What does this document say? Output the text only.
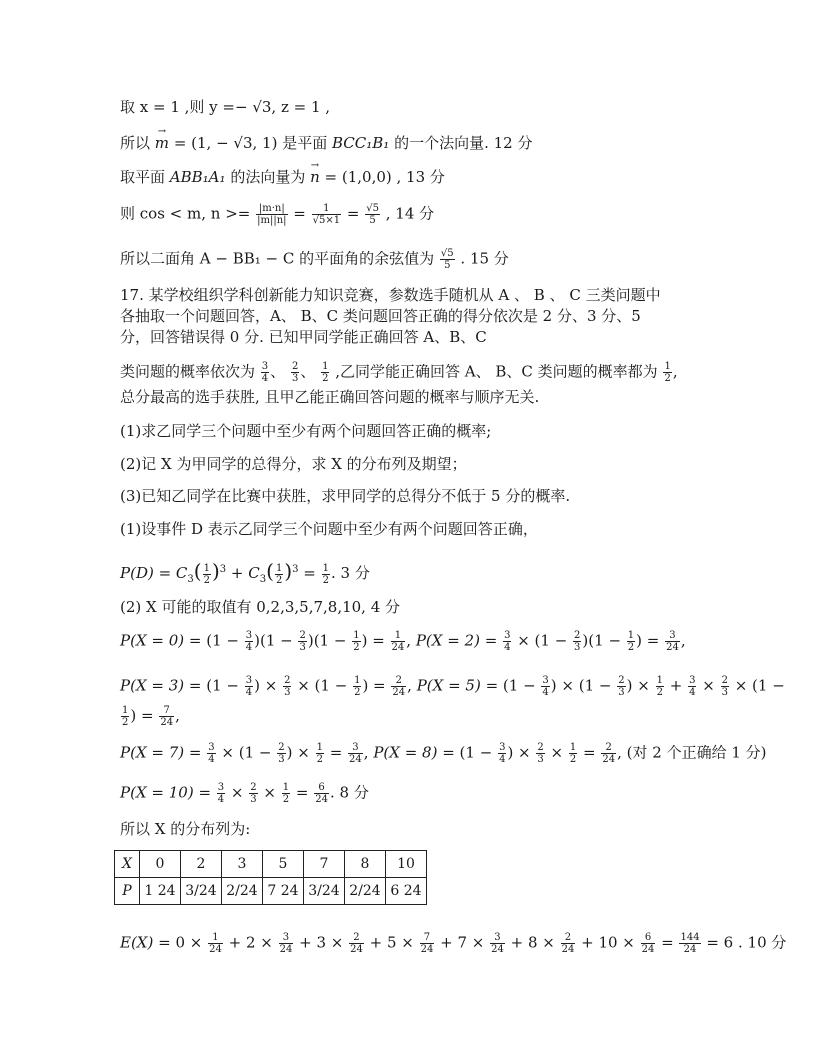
取 x = 1 ,则 y =− √3, z = 1 ,
所以 → m = (1, − √3, 1) 是平面 BCC₁B₁ 的一个法向量. 12 分
取平面 ABB₁A₁ 的法向量为 → n = (1,0,0) , 13 分
则 cos < m, $n >= \frac{|m\cdot n|}{|m||n|} = \frac{1}{√5\times 1} = \frac{√5}{5}$ , 14 分
所以二面角 A − BB₁ − C 的平面角的余弦值为 $\frac{√5}{5}$ . 15 分
17. 某学校组织学科创新能力知识竞赛，参数选手随机从 A 、 B 、 C 三类问题中
各抽取一个问题回答，A、 B、C 类问题回答正确的得分依次是 2 分、3 分、5
分，回答错误得 0 分. 已知甲同学能正确回答 A、B、C
类问题的概率依次为 $\frac{3}{4}$ 、 $\frac{2}{3}$ 、 $\frac{1}{2}$ ,乙同学能正确回答 A、 B、C 类问题的概率都为 $\frac{1}{2}$ ,
总分最高的选手获胜, 且甲乙能正确回答问题的概率与顺序无关.
(1)求乙同学三个问题中至少有两个问题回答正确的概率;
(2)记 X 为甲同学的总得分，求 X 的分布列及期望；
(3)已知乙同学在比赛中获胜，求甲同学的总得分不低于 5 分的概率.
(1)设事件 D 表示乙同学三个问题中至少有两个问题回答正确，
$P(D) = C_3( \frac{1}{2} )^3 + C_3( \frac{1}{2} )^3 = \frac{1}{2}$ . 3 分
(2) X 可能的取值有 0,2,3,5,7,8,10, 4 分
$P(X = 0) = (1 - \frac{3}{4} )(1 - \frac{2}{3} )(1 - \frac{1}{2}$ ) = $\frac{1}{24}$ , $P(X = 2) = \frac{3}{4} \times (1 - \frac{2}{3} )(1 - \frac{1}{2}$ ) = $\frac{3}{24}$ ,
$P(X = 3) = (1 - \frac{3}{4}$ ) × $\frac{2}{3} \times (1 - \frac{1}{2}$ ) = $\frac{2}{24}$ , $P(X = 5) = (1 - \frac{3}{4}$ ) × ($1 - \frac{2}{3}$ ) × $\frac{1}{2} + \frac{3}{4} \times \frac{2}{3} \times (1$ −
$\frac{1}{2}$ ) = $\frac{7}{24}$ ,
$P(X = 7) = \frac{3}{4} \times (1 - \frac{2}{3}$ ) × $\frac{1}{2} = \frac{3}{24}$ , $P(X = 8) = (1 - \frac{3}{4}$ ) × $\frac{2}{3} \times \frac{1}{2} = \frac{2}{24}$ , (对 2 个正确给 1 分)
$P(X = 10) = \frac{3}{4} \times \frac{2}{3} \times \frac{1}{2} = \frac{6}{24}$ . 8 分
所以 X 的分布列为:
X	0	2	3	5	7	8	10
P	1 24	3/24	2/24	7 24	3/24	2/24	6 24
$E(X) = 0 \times \frac{1}{24} + 2 \times \frac{3}{24} + 3 \times \frac{2}{24} + 5 \times \frac{7}{24} + 7 \times \frac{3}{24} + 8 \times \frac{2}{24} + 10 \times \frac{6}{24} = \frac{144}{24} = 6$ . 10 分
